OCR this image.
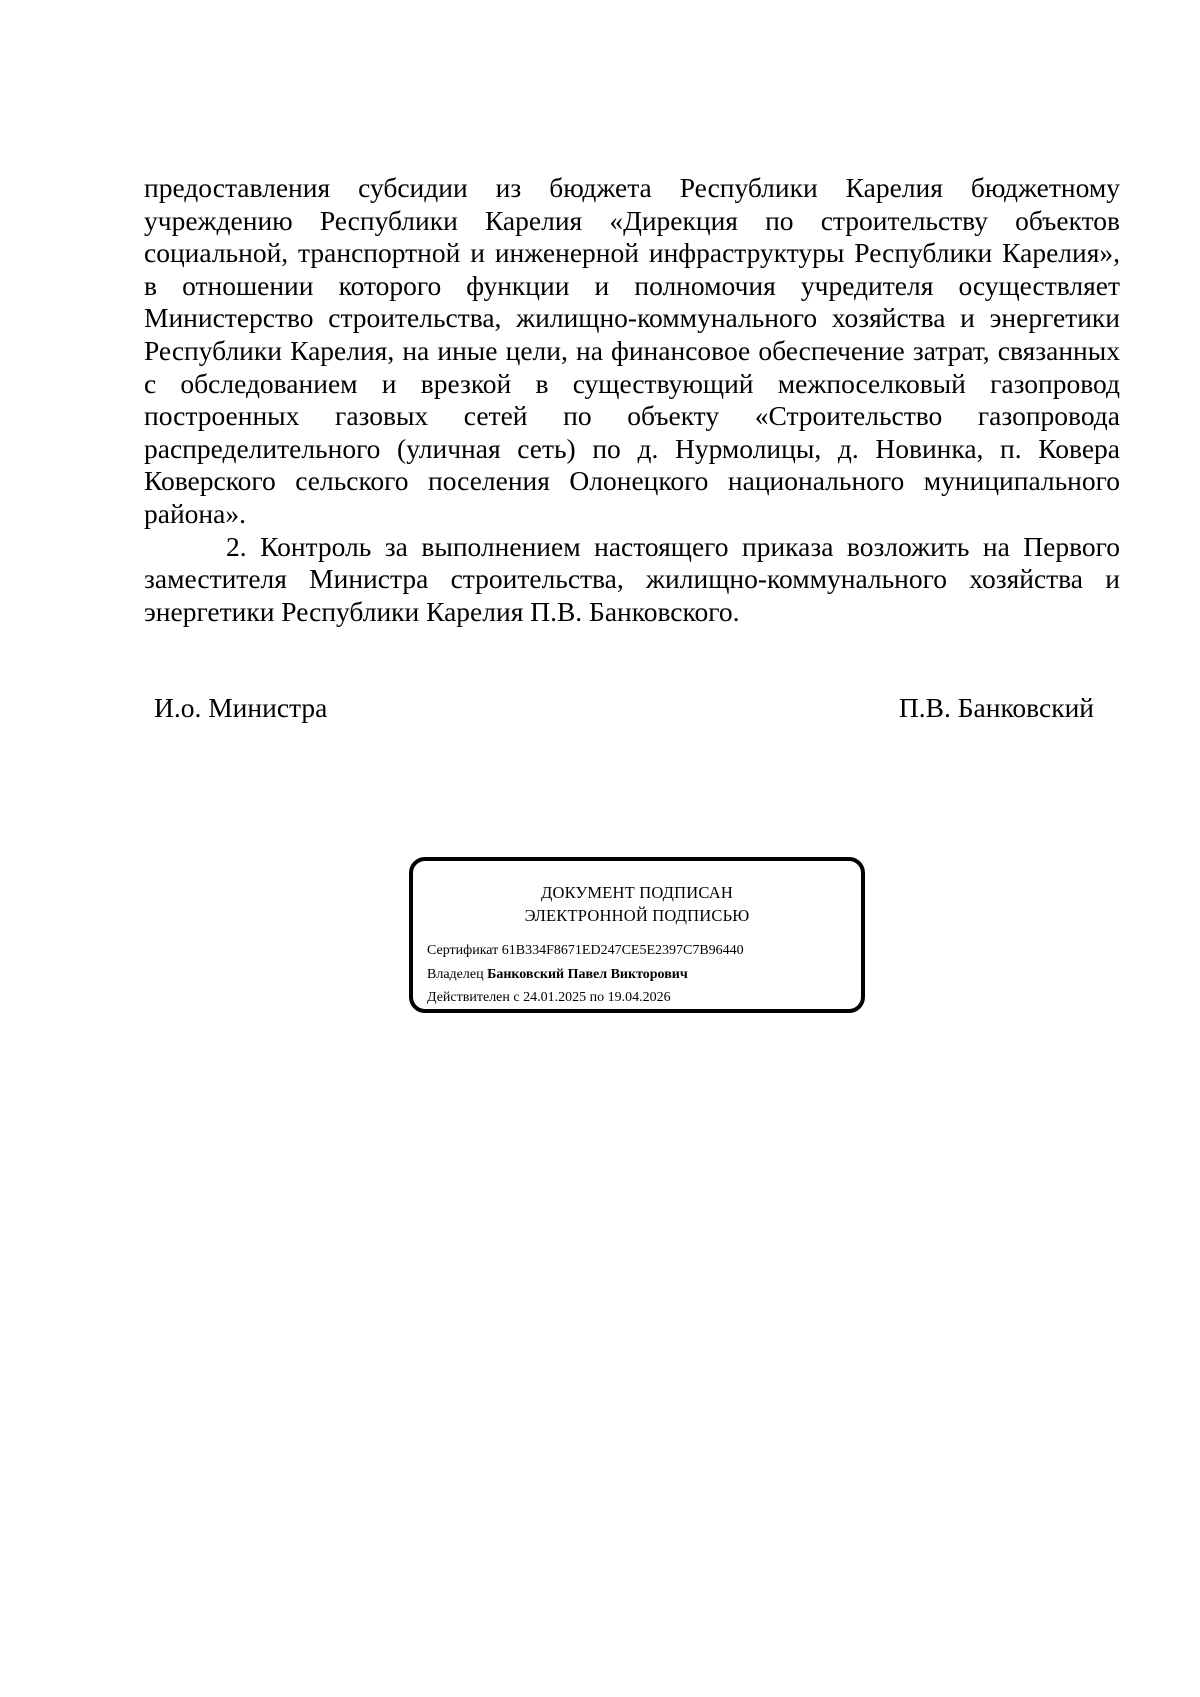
предоставления субсидии из бюджета Республики Карелия бюджетному учреждению Республики Карелия «Дирекция по строительству объектов социальной, транспортной и инженерной инфраструктуры Республики Карелия», в отношении которого функции и полномочия учредителя осуществляет Министерство строительства, жилищно-коммунального хозяйства и энергетики Республики Карелия, на иные цели, на финансовое обеспечение затрат, связанных с обследованием и врезкой в существующий межпоселковый газопровод построенных газовых сетей по объекту «Строительство газопровода распределительного (уличная сеть) по д. Нурмолицы, д. Новинка, п. Ковера Коверского сельского поселения Олонецкого национального муниципального района».

2. Контроль за выполнением настоящего приказа возложить на Первого заместителя Министра строительства, жилищно-коммунального хозяйства и энергетики Республики Карелия П.В. Банковского.

И.о. Министра	П.В. Банковский
ДОКУМЕНТ ПОДПИСАН
ЭЛЕКТРОННОЙ ПОДПИСЬЮ
Сертификат 61B334F8671ED247CE5E2397C7B96440
Владелец Банковский Павел Викторович
Действителен с 24.01.2025 по 19.04.2026
